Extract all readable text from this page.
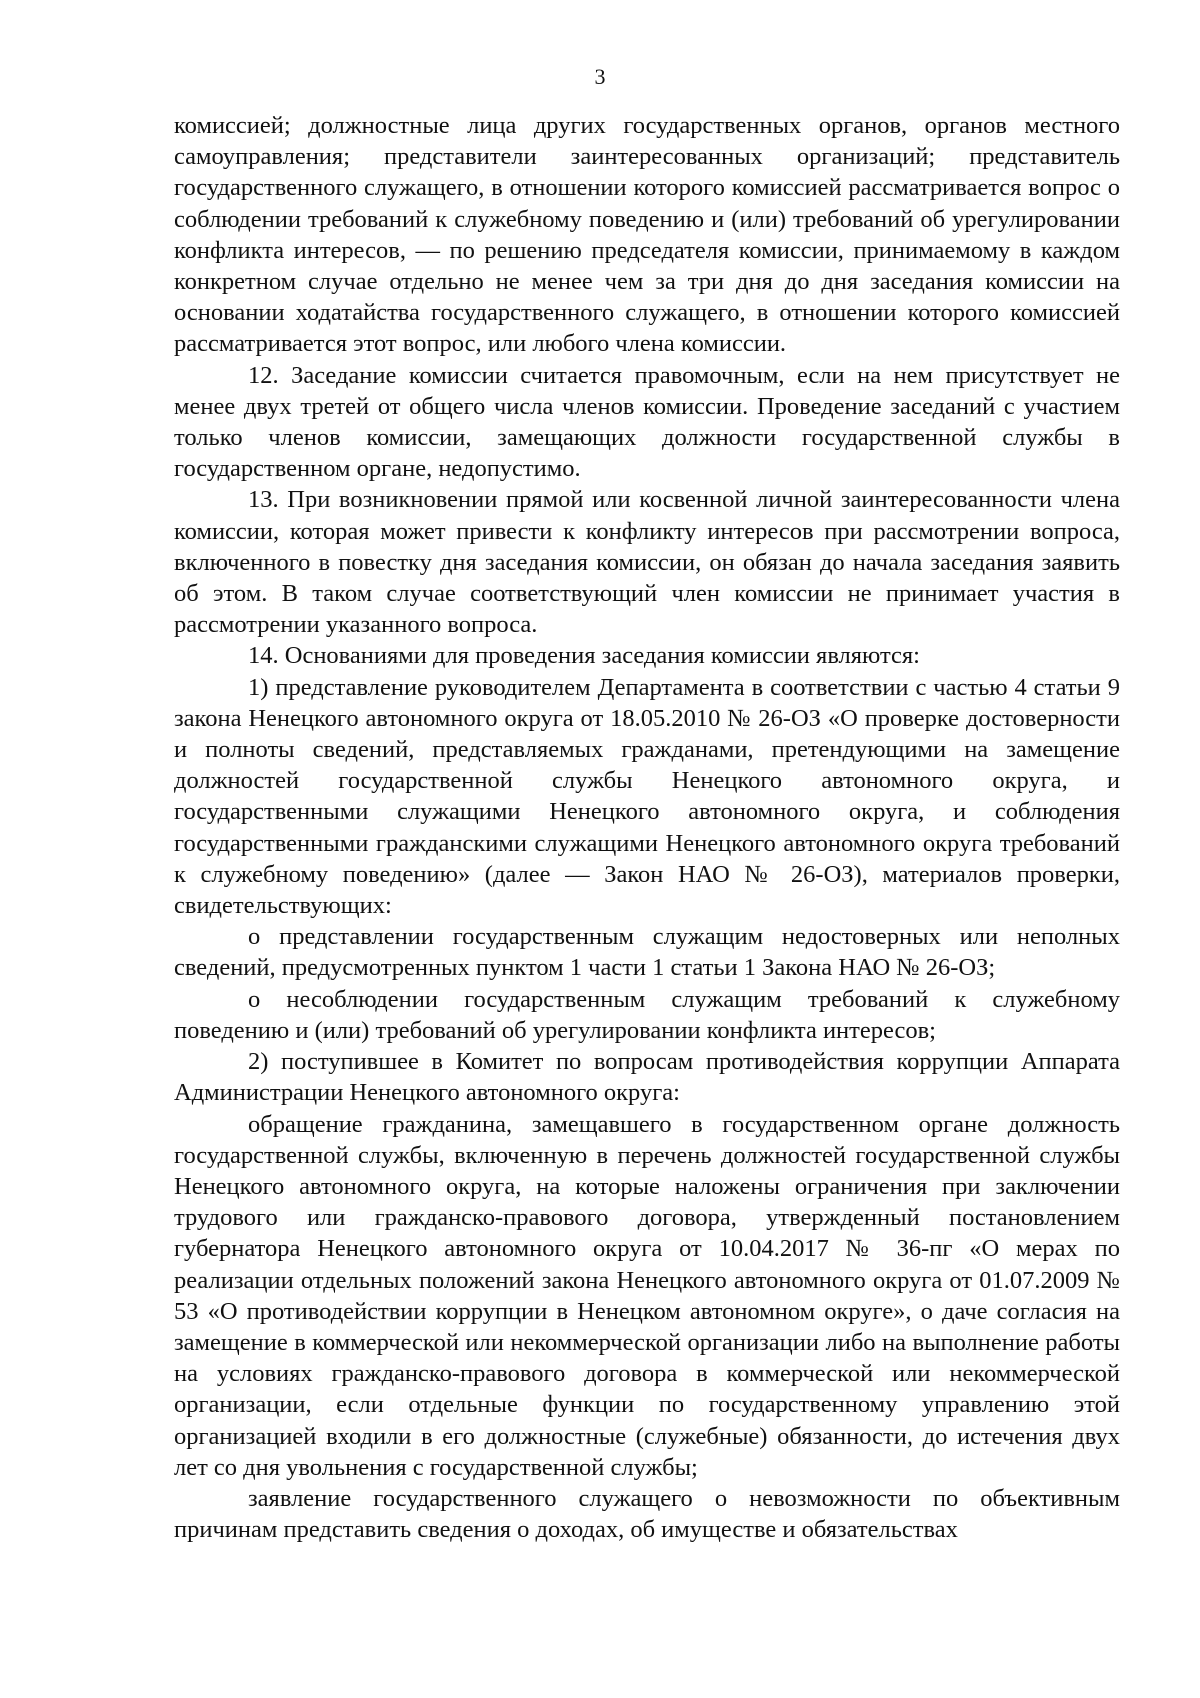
3

комиссией; должностные лица других государственных органов, органов местного самоуправления; представители заинтересованных организаций; представитель государственного служащего, в отношении которого комиссией рассматривается вопрос о соблюдении требований к служебному поведению и (или) требований об урегулировании конфликта интересов, — по решению председателя комиссии, принимаемому в каждом конкретном случае отдельно не менее чем за три дня до дня заседания комиссии на основании ходатайства государственного служащего, в отношении которого комиссией рассматривается этот вопрос, или любого члена комиссии.

12. Заседание комиссии считается правомочным, если на нем присутствует не менее двух третей от общего числа членов комиссии. Проведение заседаний с участием только членов комиссии, замещающих должности государственной службы в государственном органе, недопустимо.

13. При возникновении прямой или косвенной личной заинтересованности члена комиссии, которая может привести к конфликту интересов при рассмотрении вопроса, включенного в повестку дня заседания комиссии, он обязан до начала заседания заявить об этом. В таком случае соответствующий член комиссии не принимает участия в рассмотрении указанного вопроса.

14. Основаниями для проведения заседания комиссии являются:

1) представление руководителем Департамента в соответствии с частью 4 статьи 9 закона Ненецкого автономного округа от 18.05.2010 № 26-ОЗ «О проверке достоверности и полноты сведений, представляемых гражданами, претендующими на замещение должностей государственной службы Ненецкого автономного округа, и государственными служащими Ненецкого автономного округа, и соблюдения государственными гражданскими служащими Ненецкого автономного округа требований к служебному поведению» (далее — Закон НАО № 26-ОЗ), материалов проверки, свидетельствующих:

о представлении государственным служащим недостоверных или неполных сведений, предусмотренных пунктом 1 части 1 статьи 1 Закона НАО № 26-ОЗ;

о несоблюдении государственным служащим требований к служебному поведению и (или) требований об урегулировании конфликта интересов;

2) поступившее в Комитет по вопросам противодействия коррупции Аппарата Администрации Ненецкого автономного округа:

обращение гражданина, замещавшего в государственном органе должность государственной службы, включенную в перечень должностей государственной службы Ненецкого автономного округа, на которые наложены ограничения при заключении трудового или гражданско-правового договора, утвержденный постановлением губернатора Ненецкого автономного округа от 10.04.2017 № 36-пг «О мерах по реализации отдельных положений закона Ненецкого автономного округа от 01.07.2009 № 53 «О противодействии коррупции в Ненецком автономном округе», о даче согласия на замещение в коммерческой или некоммерческой организации либо на выполнение работы на условиях гражданско-правового договора в коммерческой или некоммерческой организации, если отдельные функции по государственному управлению этой организацией входили в его должностные (служебные) обязанности, до истечения двух лет со дня увольнения с государственной службы;

заявление государственного служащего о невозможности по объективным причинам представить сведения о доходах, об имуществе и обязательствах
